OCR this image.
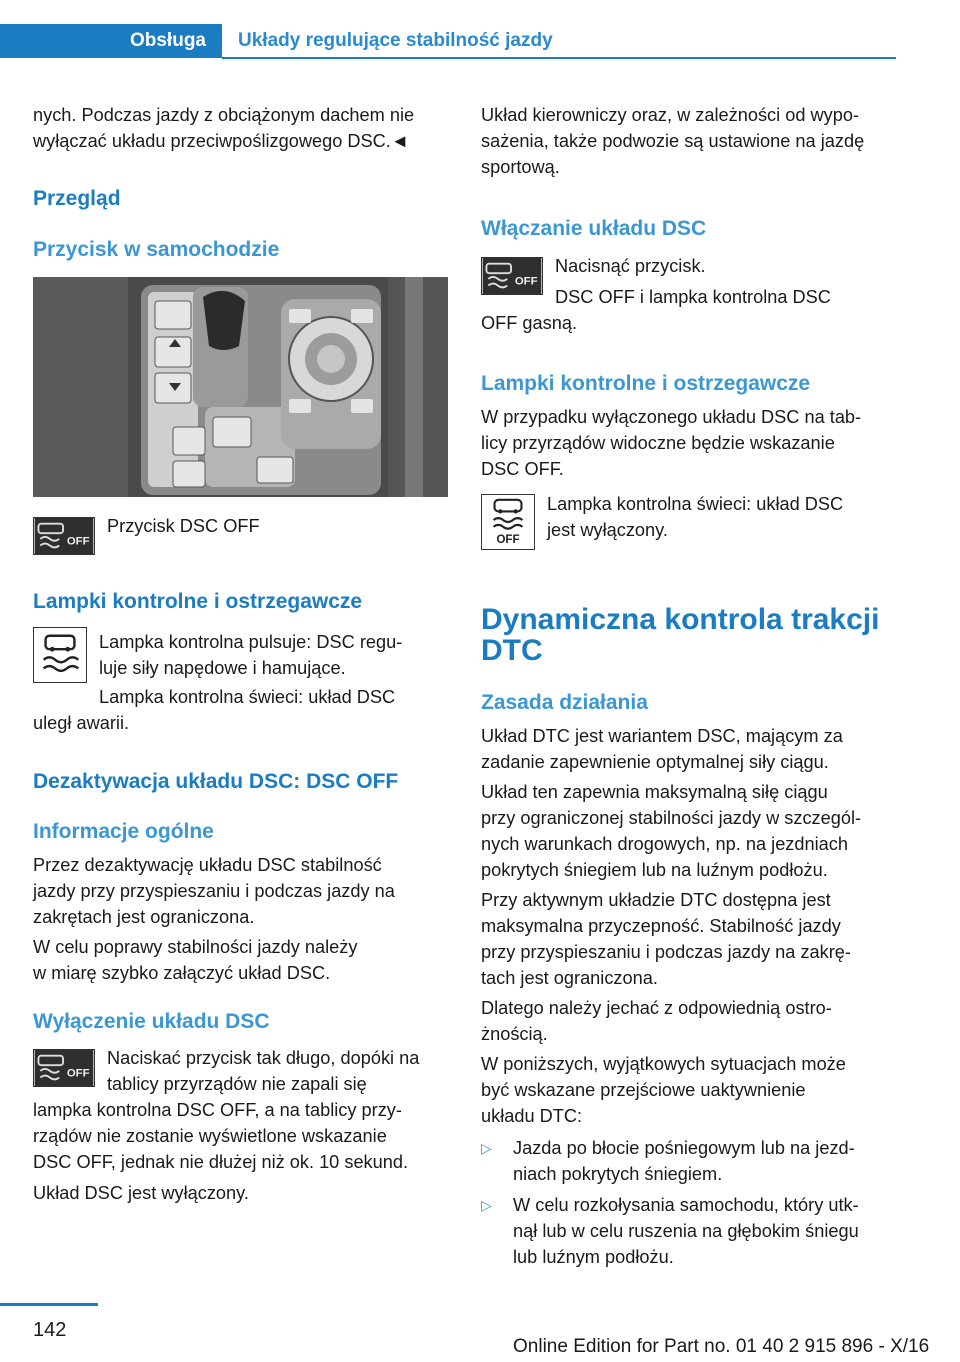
Obsługa	Układy regulujące stabilność jazdy
nych. Podczas jazdy z obciążonym dachem nie
wyłączać układu przeciwpoślizgowego DSC.◄
Przegląd
Przycisk w samochodzie
OFF
Przycisk DSC OFF
Lampki kontrolne i ostrzegawcze
Lampka kontrolna pulsuje: DSC regu‐
luje siły napędowe i hamujące.
Lampka kontrolna świeci: układ DSC
uległ awarii.
Dezaktywacja układu DSC: DSC OFF
Informacje ogólne
Przez dezaktywację układu DSC stabilność
jazdy przy przyspieszaniu i podczas jazdy na
zakrętach jest ograniczona.
W celu poprawy stabilności jazdy należy
w miarę szybko załączyć układ DSC.
Wyłączenie układu DSC
OFF
Naciskać przycisk tak długo, dopóki na
tablicy przyrządów nie zapali się
lampka kontrolna DSC OFF, a na tablicy przy‐
rządów nie zostanie wyświetlone wskazanie
DSC OFF, jednak nie dłużej niż ok. 10 sekund.
Układ DSC jest wyłączony.
Układ kierowniczy oraz, w zależności od wypo‐
sażenia, także podwozie są ustawione na jazdę
sportową.
Włączanie układu DSC
OFF
Nacisnąć przycisk.
DSC OFF i lampka kontrolna DSC
OFF gasną.
Lampki kontrolne i ostrzegawcze
W przypadku wyłączonego układu DSC na tab‐
licy przyrządów widoczne będzie wskazanie
DSC OFF.
OFF
Lampka kontrolna świeci: układ DSC
jest wyłączony.
Dynamiczna kontrola trakcji
DTC
Zasada działania
Układ DTC jest wariantem DSC, mającym za
zadanie zapewnienie optymalnej siły ciągu.
Układ ten zapewnia maksymalną siłę ciągu
przy ograniczonej stabilności jazdy w szczegól‐
nych warunkach drogowych, np. na jezdniach
pokrytych śniegiem lub na luźnym podłożu.
Przy aktywnym układzie DTC dostępna jest
maksymalna przyczepność. Stabilność jazdy
przy przyspieszaniu i podczas jazdy na zakrę‐
tach jest ograniczona.
Dlatego należy jechać z odpowiednią ostro‐
żnością.
W poniższych, wyjątkowych sytuacjach może
być wskazane przejściowe uaktywnienie
układu DTC:
▷	Jazda po błocie pośniegowym lub na jezd‐
niach pokrytych śniegiem.
▷	W celu rozkołysania samochodu, który utk‐
nął lub w celu ruszenia na głębokim śniegu
lub luźnym podłożu.
142
Online Edition for Part no. 01 40 2 915 896 - X/16
